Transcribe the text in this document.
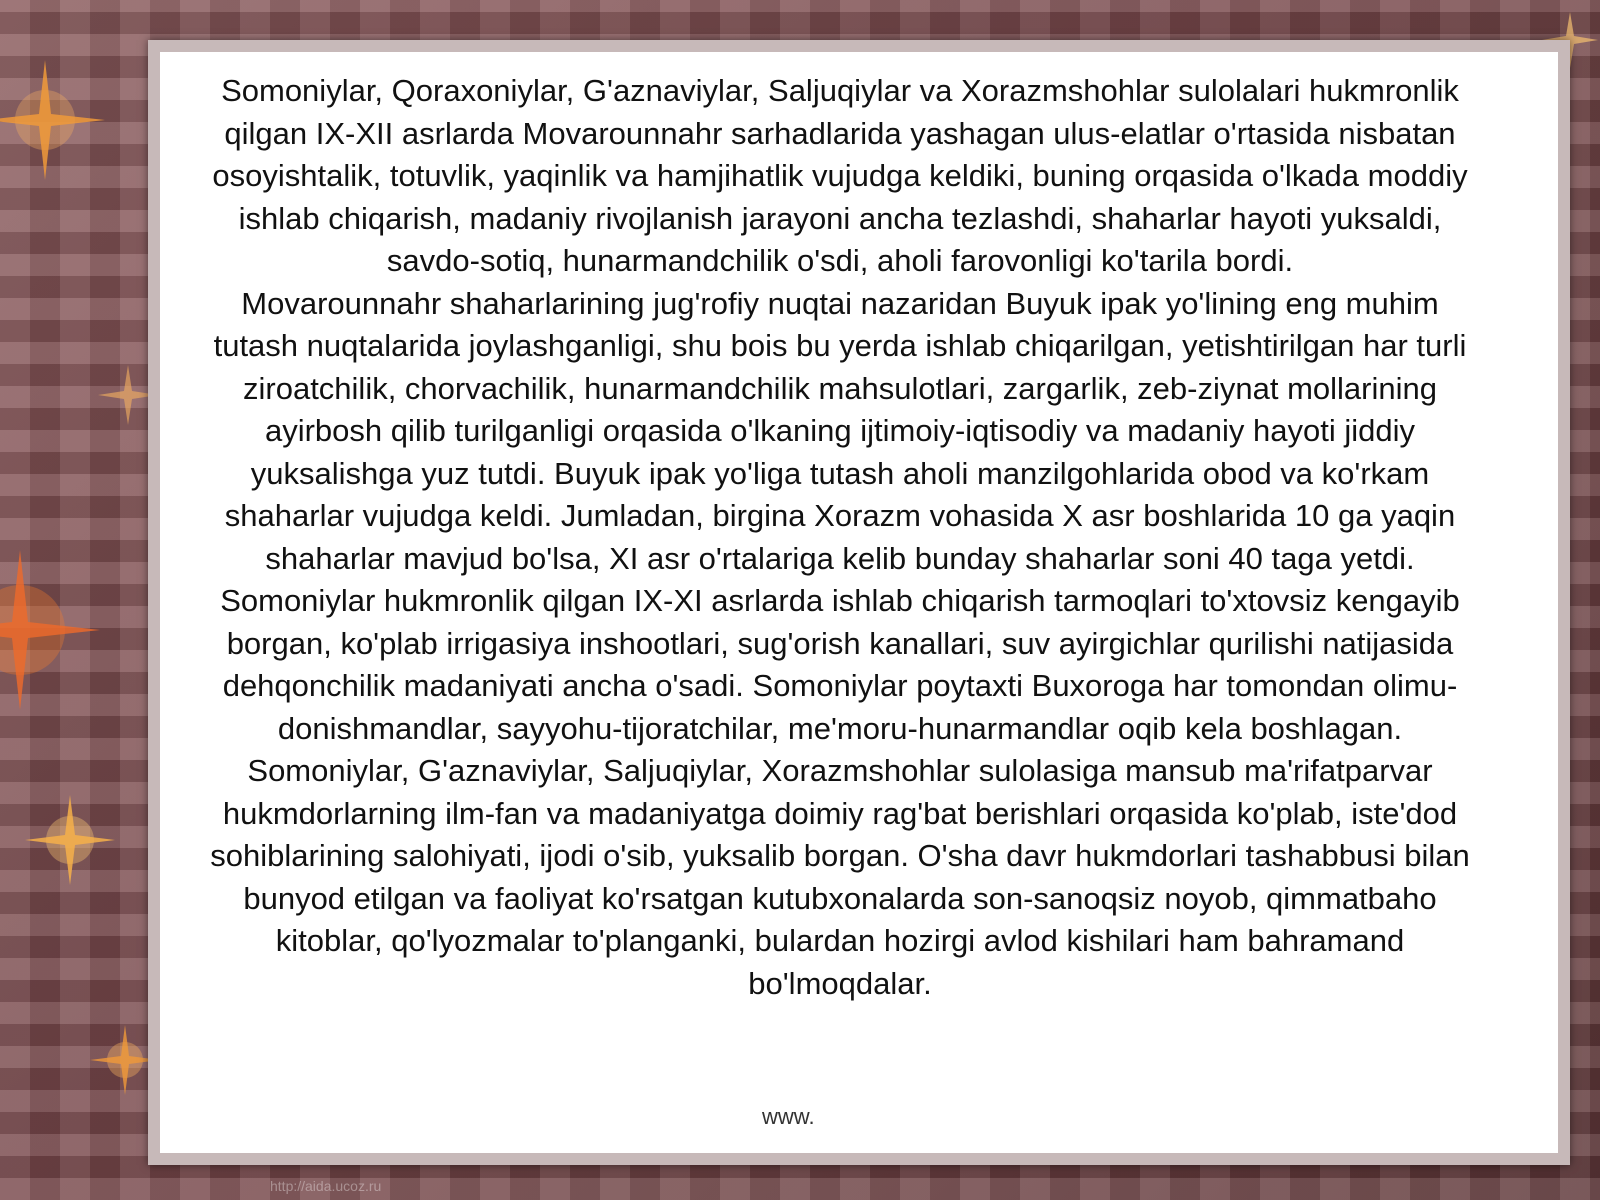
Somoniylar, Qoraxoniylar, G'aznaviylar, Saljuqiylar va Xorazmshohlar sulolalari hukmronlik qilgan IX-XII asrlarda Movarounnahr sarhadlarida yashagan ulus-elatlar o'rtasida nisbatan osoyishtalik, totuvlik, yaqinlik va hamjihatlik vujudga keldiki, buning orqasida o'lkada moddiy ishlab chiqarish, madaniy rivojlanish jarayoni ancha tezlashdi, shaharlar hayoti yuksaldi, savdo-sotiq, hunarmandchilik o'sdi, aholi farovonligi ko'tarila bordi.

Movarounnahr shaharlarining jug'rofiy nuqtai nazaridan Buyuk ipak yo'lining eng muhim tutash nuqtalarida joylashganligi, shu bois bu yerda ishlab chiqarilgan, yetishtirilgan har turli ziroatchilik, chorvachilik, hunarmandchilik mahsulotlari, zargarlik, zeb-ziynat mollarining ayirbosh qilib turilganligi orqasida o'lkaning ijtimoiy-iqtisodiy va madaniy hayoti jiddiy yuksalishga yuz tutdi. Buyuk ipak yo'liga tutash aholi manzilgohlarida obod va ko'rkam shaharlar vujudga keldi. Jumladan, birgina Xorazm vohasida X asr boshlarida 10 ga yaqin shaharlar mavjud bo'lsa, XI asr o'rtalariga kelib bunday shaharlar soni 40 taga yetdi.

Somoniylar hukmronlik qilgan IX-XI asrlarda ishlab chiqarish tarmoqlari to'xtovsiz kengayib borgan, ko'plab irrigasiya inshootlari, sug'orish kanallari, suv ayirgichlar qurilishi natijasida dehqonchilik madaniyati ancha o'sadi. Somoniylar poytaxti Buxoroga har tomondan olimu-donishmandlar, sayyohu-tijoratchilar, me'moru-hunarmandlar oqib kela boshlagan.

Somoniylar, G'aznaviylar, Saljuqiylar, Xorazmshohlar sulolasiga mansub ma'rifatparvar hukmdorlarning ilm-fan va madaniyatga doimiy rag'bat berishlari orqasida ko'plab, iste'dod sohiblarining salohiyati, ijodi o'sib, yuksalib borgan. O'sha davr hukmdorlari tashabbusi bilan bunyod etilgan va faoliyat ko'rsatgan kutubxonalarda son-sanoqsiz noyob, qimmatbaho kitoblar, qo'lyozmalar to'planganki, bulardan hozirgi avlod kishilari ham bahramand bo'lmoqdalar.

www.
http://aida.ucoz.ru
